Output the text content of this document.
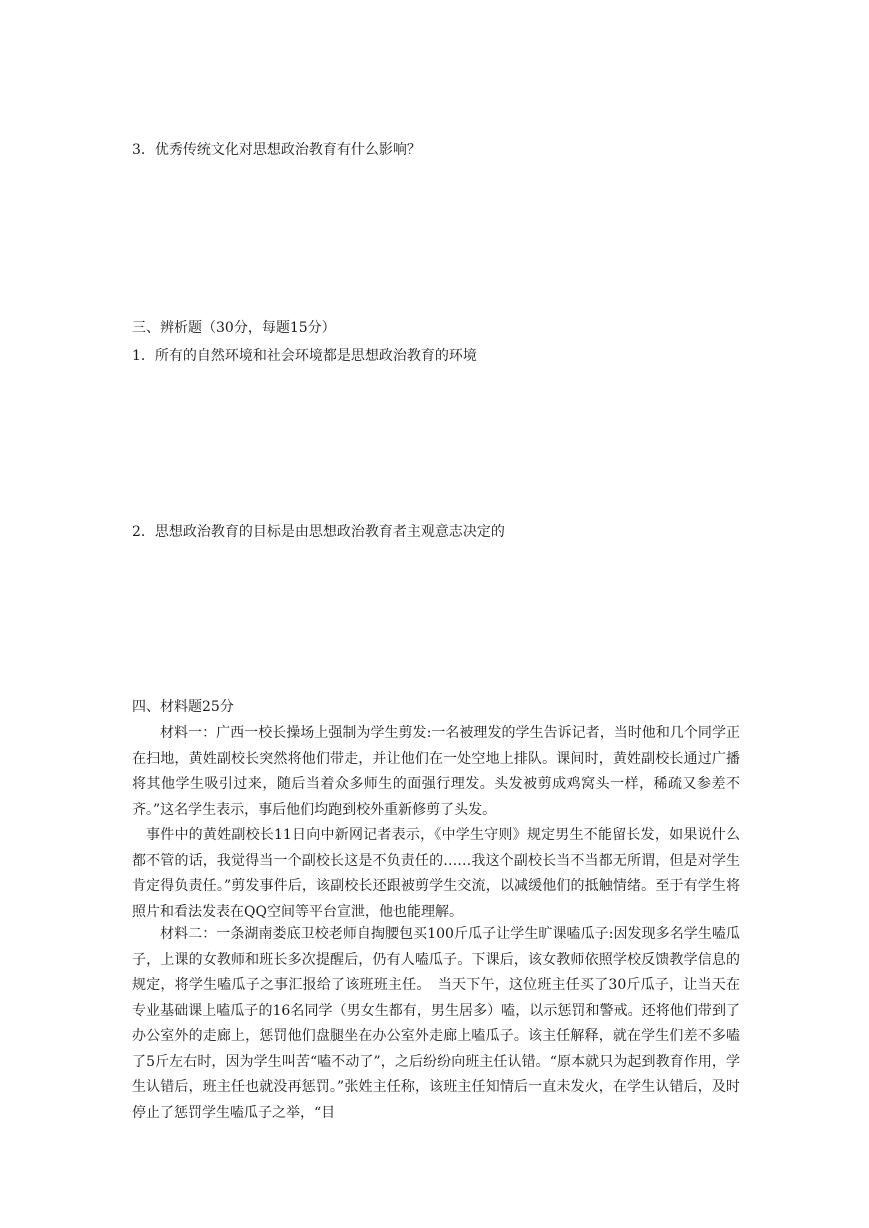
3．优秀传统文化对思想政治教育有什么影响？

三、辨析题（30分，每题15分）

1．所有的自然环境和社会环境都是思想政治教育的环境

2．思想政治教育的目标是由思想政治教育者主观意志决定的

四、材料题25分

材料一：广西一校长操场上强制为学生剪发:一名被理发的学生告诉记者，当时他和几个同学正在扫地，黄姓副校长突然将他们带走，并让他们在一处空地上排队。课间时，黄姓副校长通过广播将其他学生吸引过来，随后当着众多师生的面强行理发。头发被剪成鸡窝头一样，稀疏又参差不齐。”这名学生表示，事后他们均跑到校外重新修剪了头发。

事件中的黄姓副校长11日向中新网记者表示，《中学生守则》规定男生不能留长发，如果说什么都不管的话，我觉得当一个副校长这是不负责任的……我这个副校长当不当都无所谓，但是对学生肯定得负责任。”剪发事件后，该副校长还跟被剪学生交流，以减缓他们的抵触情绪。至于有学生将照片和看法发表在QQ空间等平台宣泄，他也能理解。

材料二：一条湖南娄底卫校老师自掏腰包买100斤瓜子让学生旷课嗑瓜子:因发现多名学生嗑瓜子，上课的女教师和班长多次提醒后，仍有人嗑瓜子。下课后，该女教师依照学校反馈教学信息的规定，将学生嗑瓜子之事汇报给了该班班主任。　当天下午，这位班主任买了30斤瓜子，让当天在专业基础课上嗑瓜子的16名同学（男女生都有，男生居多）嗑，以示惩罚和警戒。还将他们带到了办公室外的走廊上，惩罚他们盘腿坐在办公室外走廊上嗑瓜子。该主任解释，就在学生们差不多嗑了5斤左右时，因为学生叫苦“嗑不动了”，之后纷纷向班主任认错。“原本就只为起到教育作用，学生认错后，班主任也就没再惩罚。”张姓主任称，该班主任知情后一直未发火，在学生认错后，及时停止了惩罚学生嗑瓜子之举，“目
